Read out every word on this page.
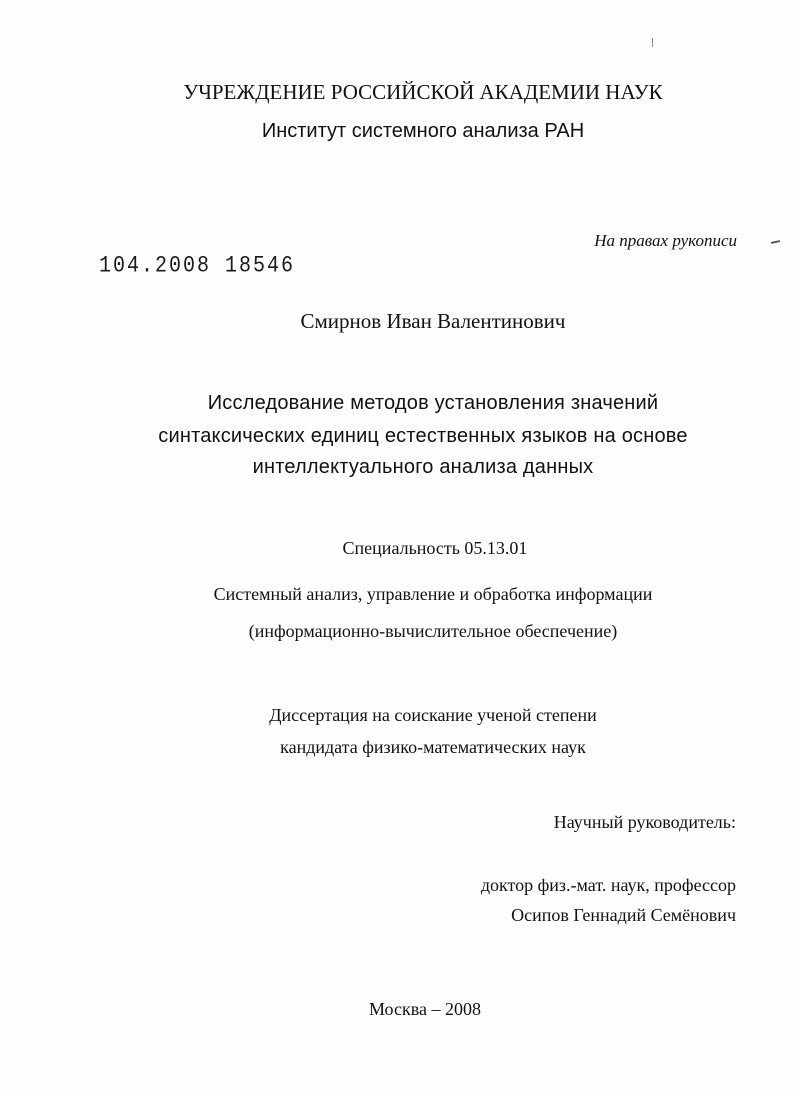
УЧРЕЖДЕНИЕ РОССИЙСКОЙ АКАДЕМИИ НАУК
Институт системного анализа РАН
На правах рукописи
104.2008 18546
Смирнов Иван Валентинович
Исследование методов установления значений
синтаксических единиц естественных языков на основе
интеллектуального анализа данных
Специальность 05.13.01
Системный анализ, управление и обработка информации
(информационно-вычислительное обеспечение)
Диссертация на соискание ученой степени
кандидата физико-математических наук
Научный руководитель:
доктор физ.-мат. наук, профессор
Осипов Геннадий Семёнович
Москва – 2008
